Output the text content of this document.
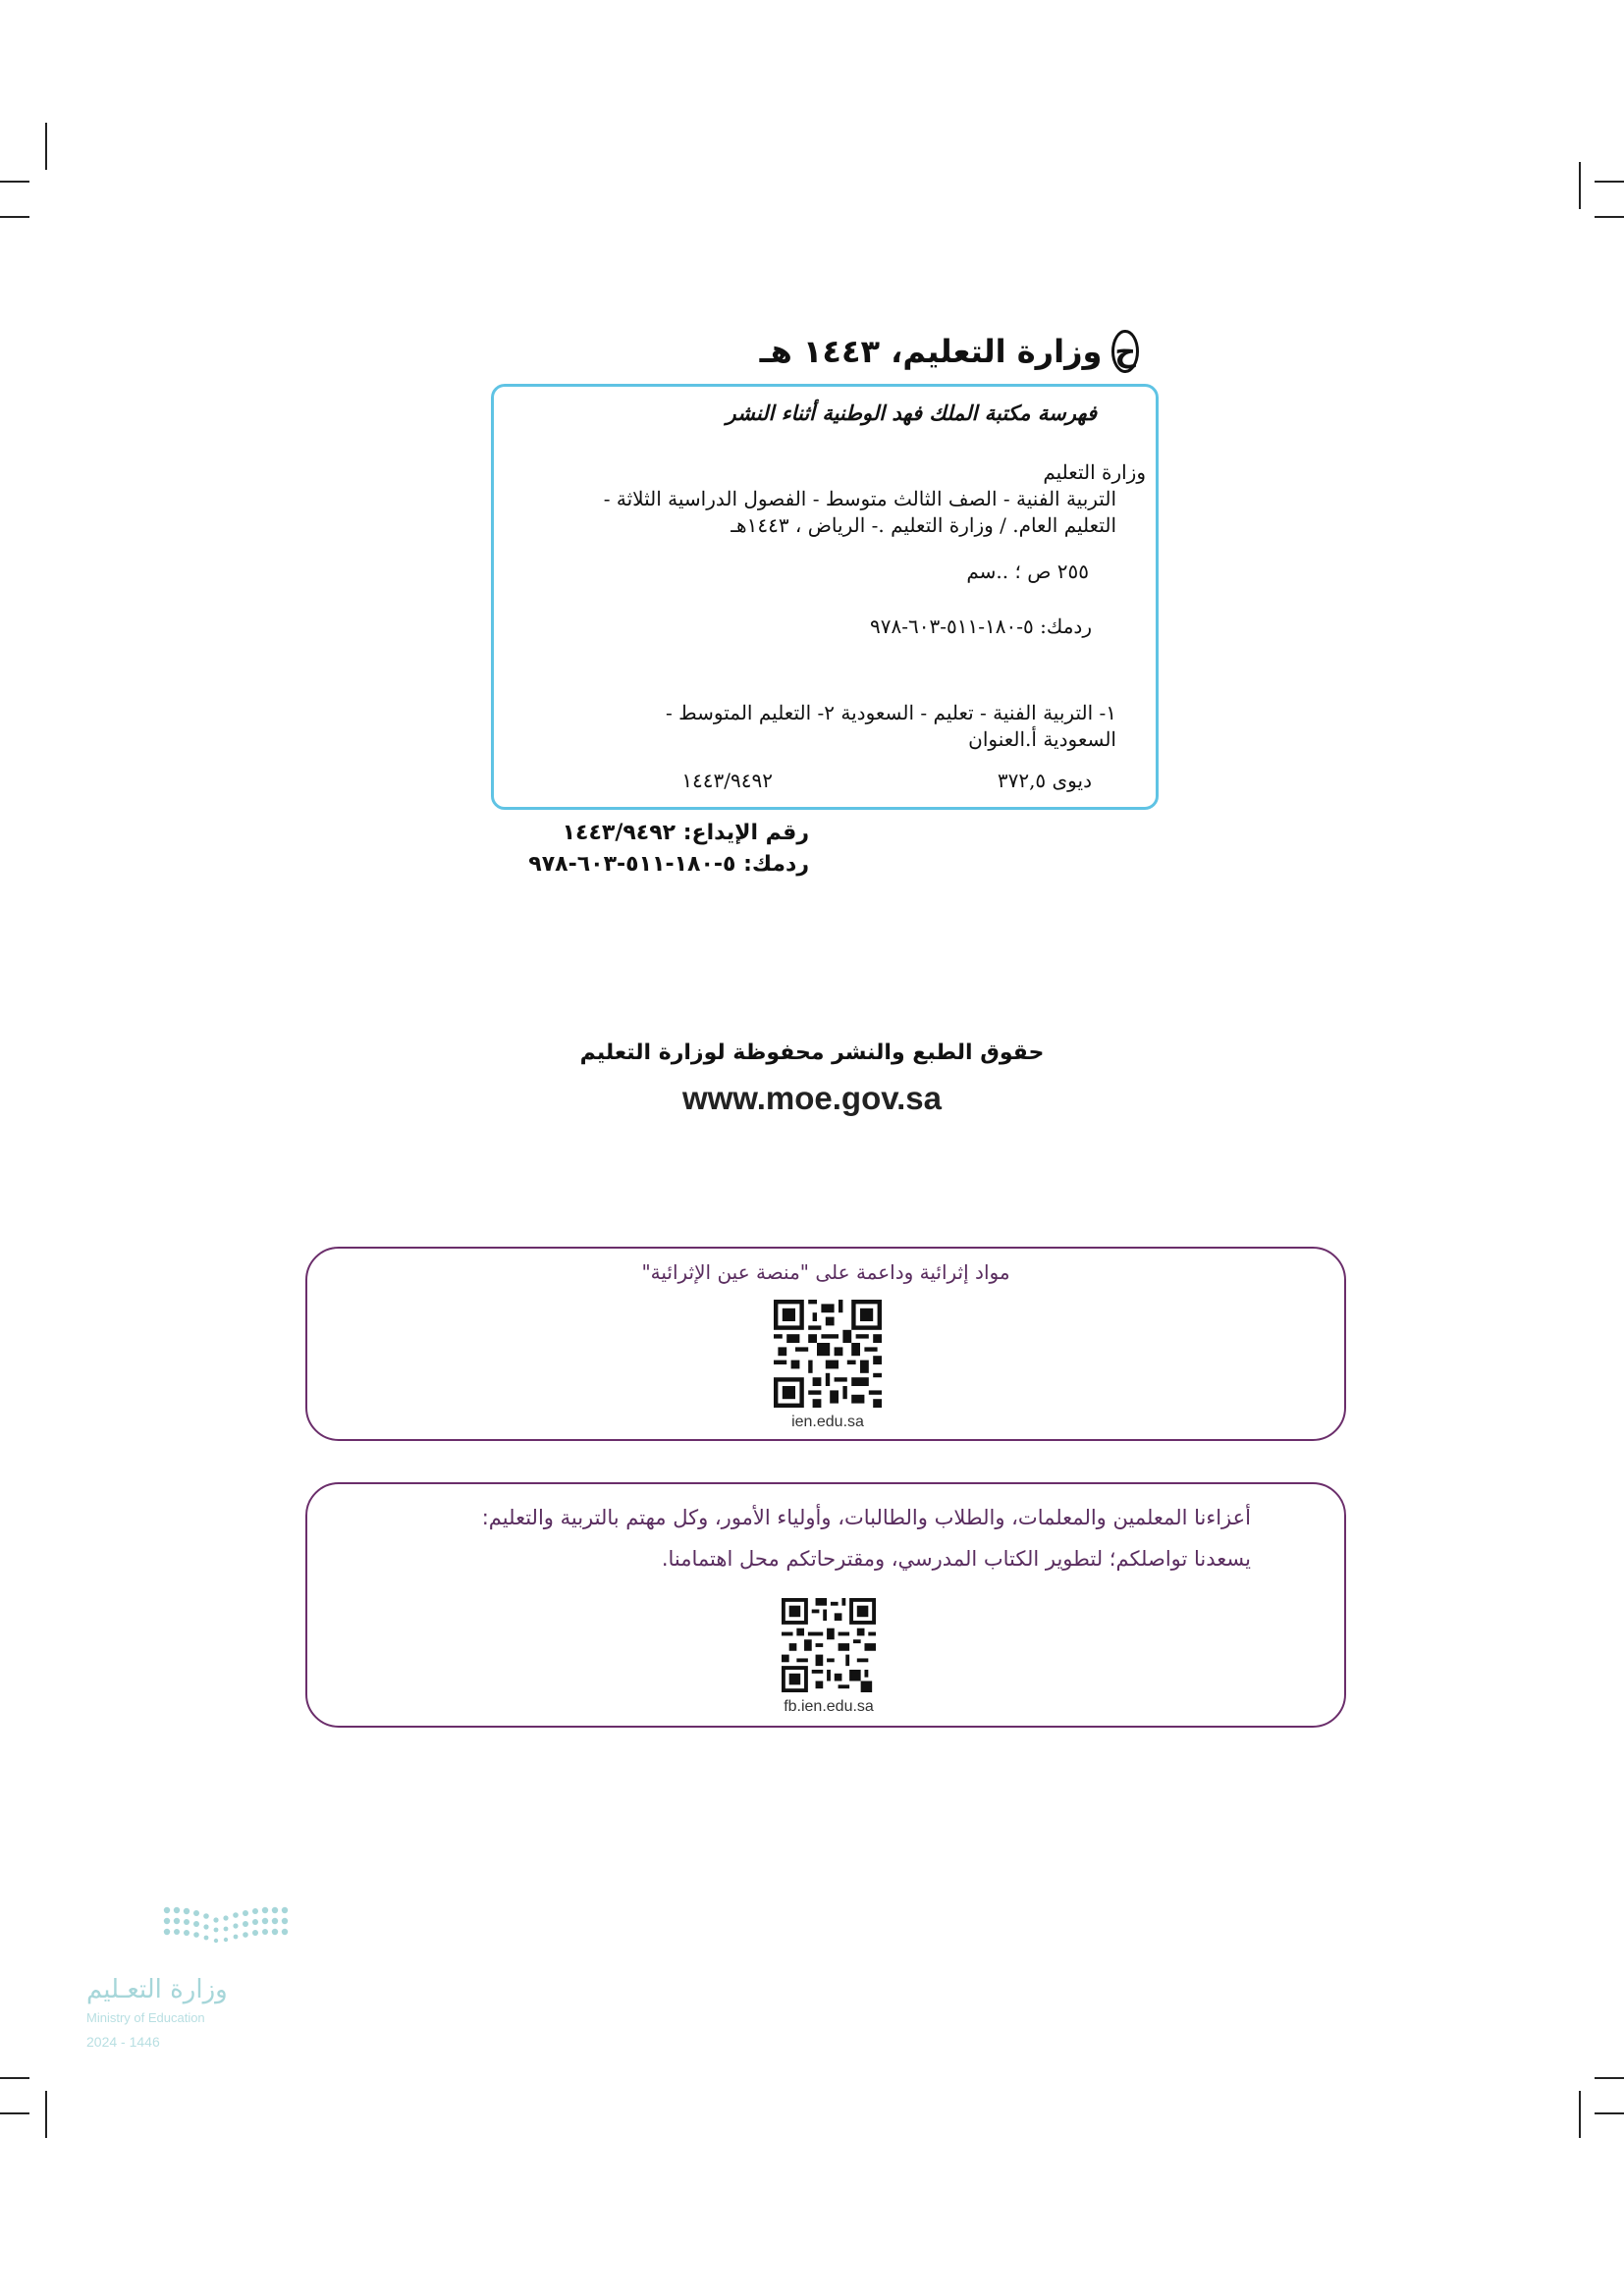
ح
وزارة التعليم، ١٤٤٣ هـ
فهرسة مكتبة الملك فهد الوطنية أثناء النشر
وزارة التعليم
التربية الفنية - الصف الثالث متوسط - الفصول الدراسية الثلاثة -
التعليم العام. / وزارة التعليم .- الرياض ، ١٤٤٣هـ
٢٥٥ ص ؛ ..سم
ردمك: ٥-١٨٠-٥١١-٦٠٣-٩٧٨
١- التربية الفنية - تعليم - السعودية ٢- التعليم المتوسط -
السعودية أ.العنوان
ديوى ٣٧٢,٥
١٤٤٣/٩٤٩٢
رقم الإيداع: ١٤٤٣/٩٤٩٢
ردمك: ٥-١٨٠-٥١١-٦٠٣-٩٧٨
حقوق الطبع والنشر محفوظة لوزارة التعليم
www.moe.gov.sa
مواد إثرائية وداعمة على "منصة عين الإثرائية"
ien.edu.sa
أعزاءنا المعلمين والمعلمات، والطلاب والطالبات، وأولياء الأمور، وكل مهتم بالتربية والتعليم:
يسعدنا تواصلكم؛ لتطوير الكتاب المدرسي، ومقترحاتكم محل اهتمامنا.
fb.ien.edu.sa
وزارة التعـليم
Ministry of Education
2024 - 1446
